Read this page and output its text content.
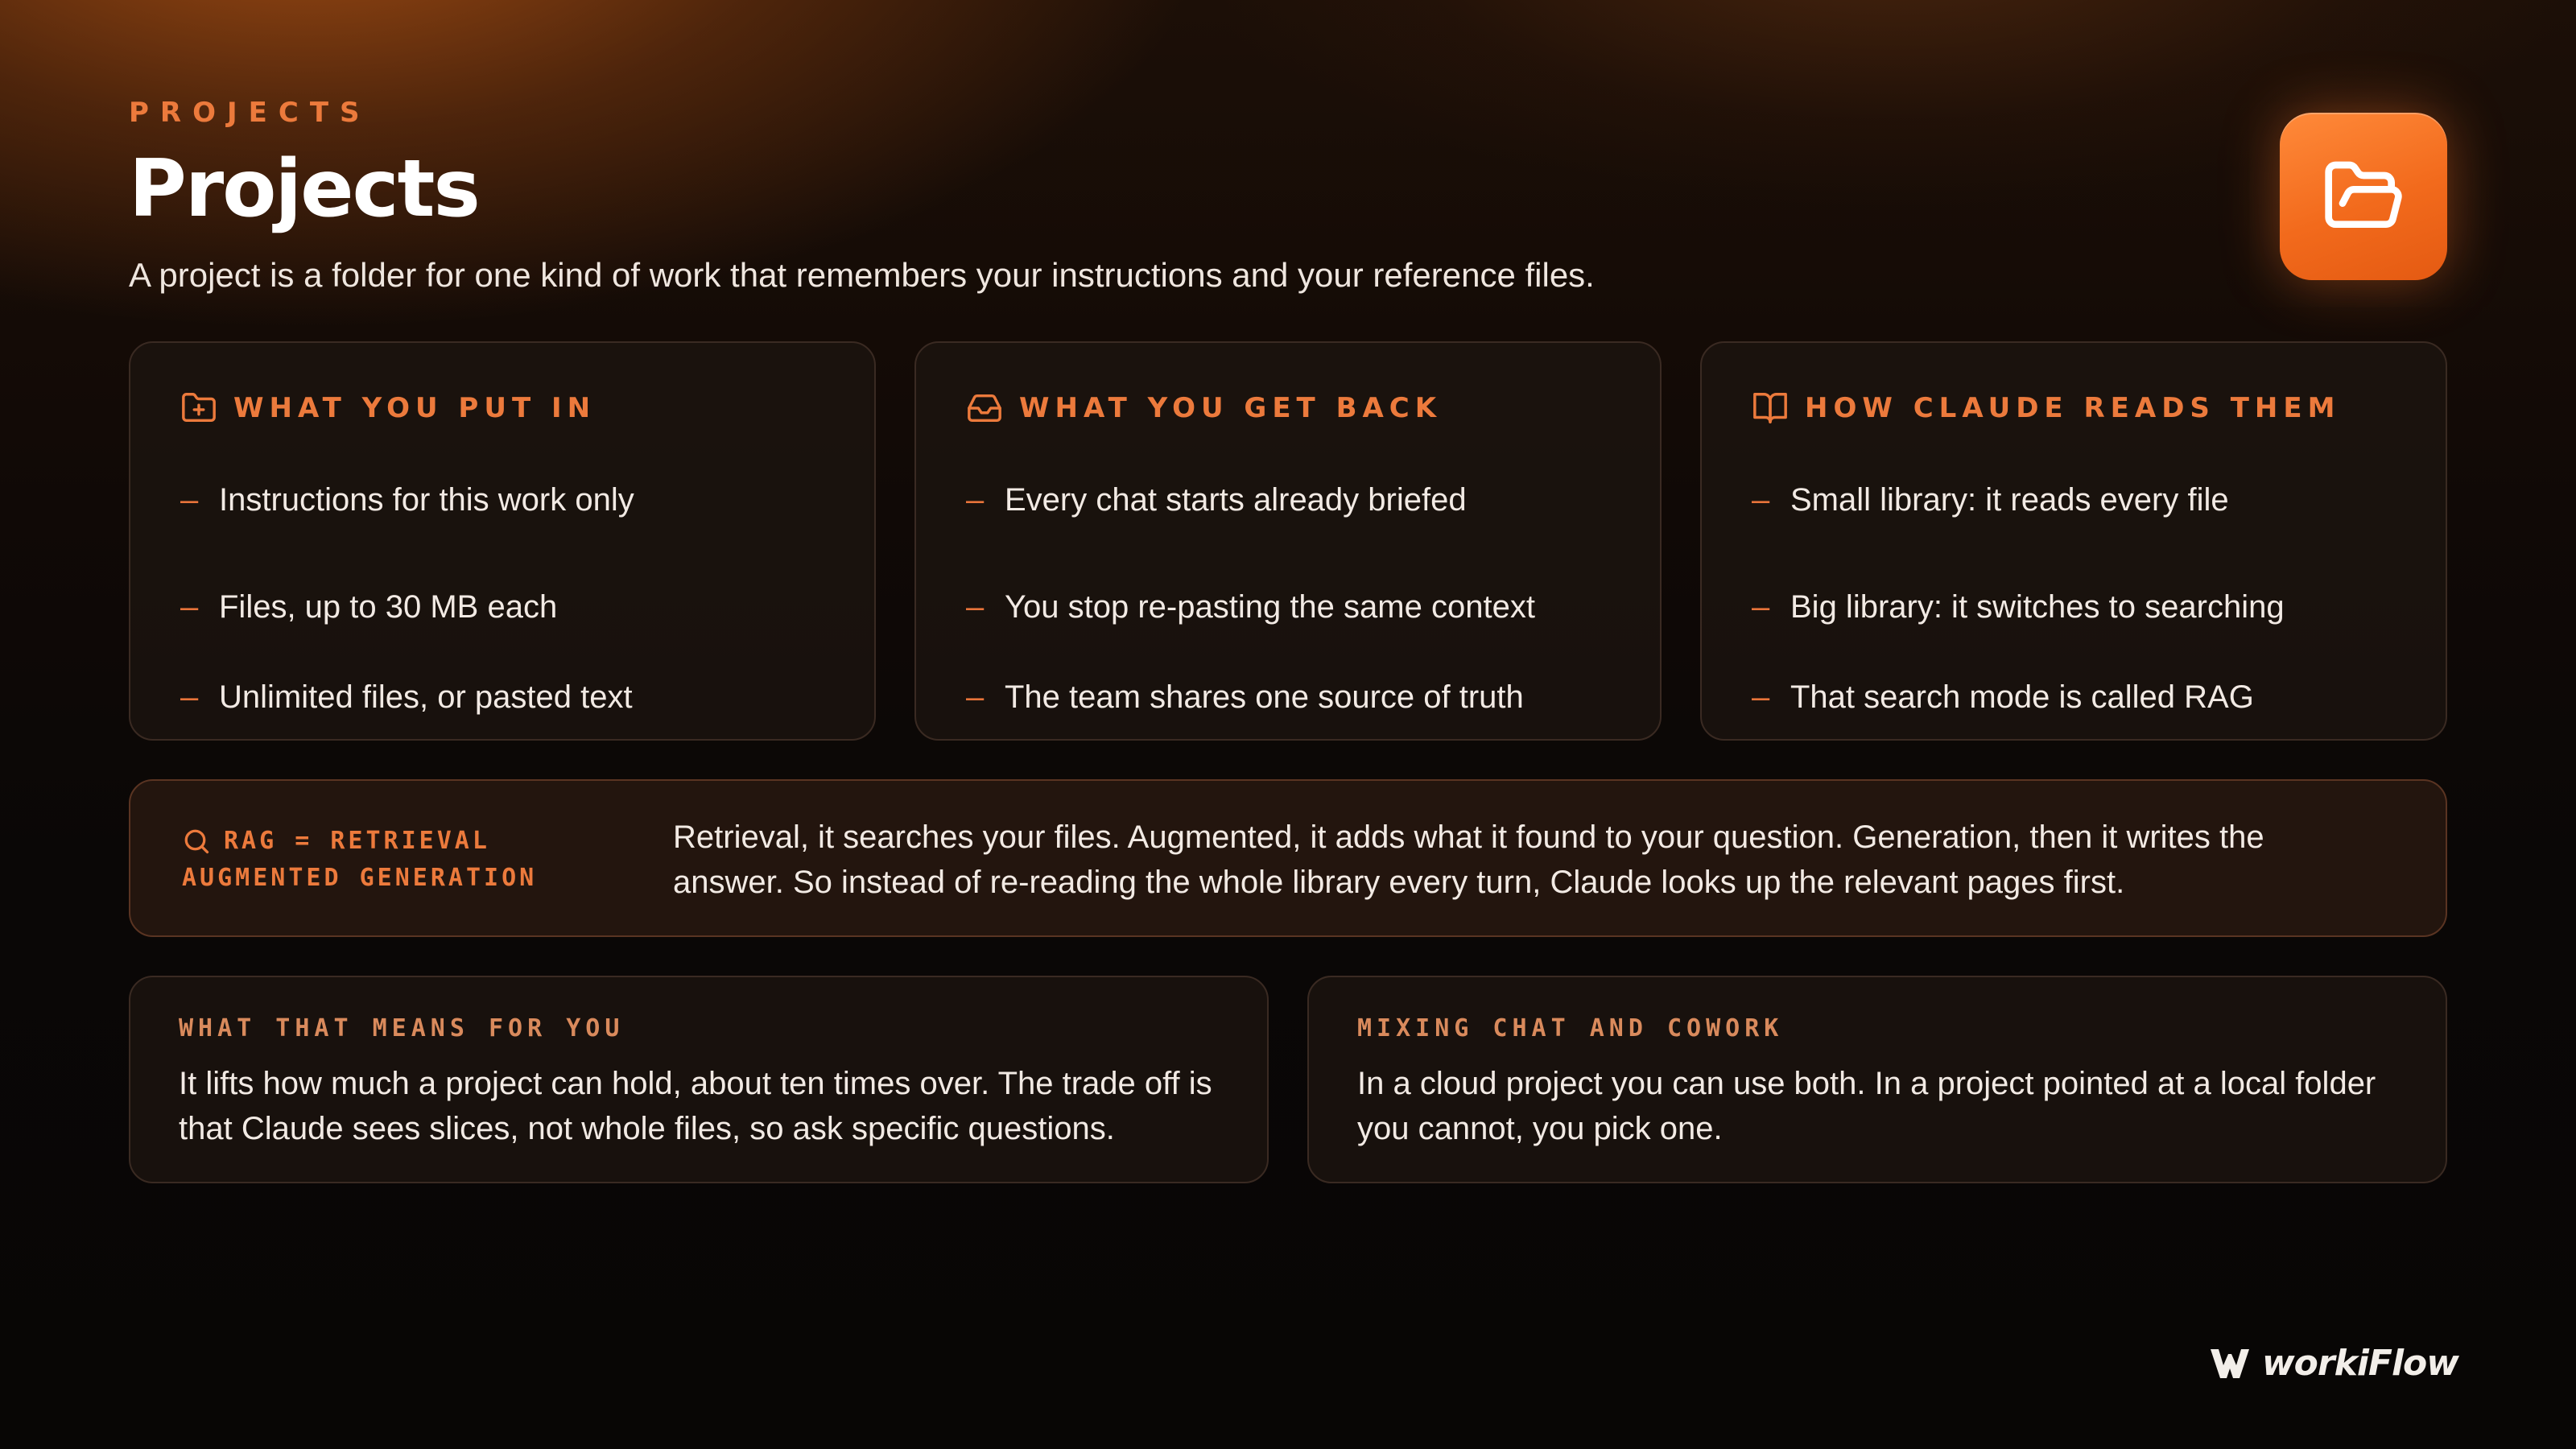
PROJECTS
Projects
A project is a folder for one kind of work that remembers your instructions and your reference files.
WHAT YOU PUT IN
– Instructions for this work only
– Files, up to 30 MB each
– Unlimited files, or pasted text
WHAT YOU GET BACK
– Every chat starts already briefed
– You stop re-pasting the same context
– The team shares one source of truth
HOW CLAUDE READS THEM
– Small library: it reads every file
– Big library: it switches to searching
– That search mode is called RAG
RAG = RETRIEVAL
AUGMENTED GENERATION
Retrieval, it searches your files. Augmented, it adds what it found to your question. Generation, then it writes the answer. So instead of re-reading the whole library every turn, Claude looks up the relevant pages first.
WHAT THAT MEANS FOR YOU
It lifts how much a project can hold, about ten times over. The trade off is that Claude sees slices, not whole files, so ask specific questions.
MIXING CHAT AND COWORK
In a cloud project you can use both. In a project pointed at a local folder you cannot, you pick one.
workiFlow
